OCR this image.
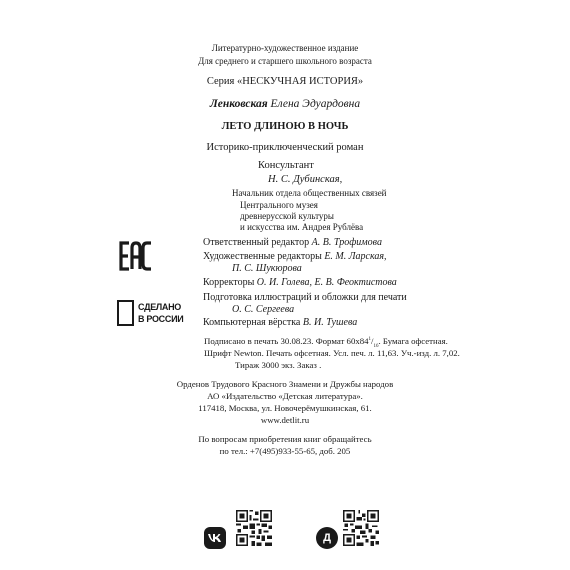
Литературно-художественное издание
Для среднего и старшего школьного возраста
Серия «НЕСКУЧНАЯ ИСТОРИЯ»
Ленковская Елена Эдуардовна
ЛЕТО ДЛИНОЮ В НОЧЬ
Историко-приключенческий роман
Консультант
Н. С. Дубинская,
Начальник отдела общественных связей
Центрального музея
древнерусской культуры
и искусства им. Андрея Рублёва
Ответственный редактор А. В. Трофимова
Художественные редакторы Е. М. Ларская,
П. С. Шукюрова
Корректоры О. И. Голева, Е. В. Феоктистова
Подготовка иллюстраций и обложки для печати
О. С. Сергеева
Компьютерная вёрстка В. И. Тушева
СДЕЛАНО
В РОССИИ
Подписано в печать 30.08.23. Формат $60x84^1/_{16}$. Бумага офсетная.
Шрифт Newton. Печать офсетная. Усл. печ. л. 11,63. Уч.-изд. л. 7,02.
Тираж 3000 экз. Заказ .
Орденов Трудового Красного Знамени и Дружбы народов
АО «Издательство «Детская литература».
117418, Москва, ул. Новочерёмушкинская, 61.
www.detlit.ru
По вопросам приобретения книг обращайтесь
по тел.: +7(495)933-55-65, доб. 205
Д
